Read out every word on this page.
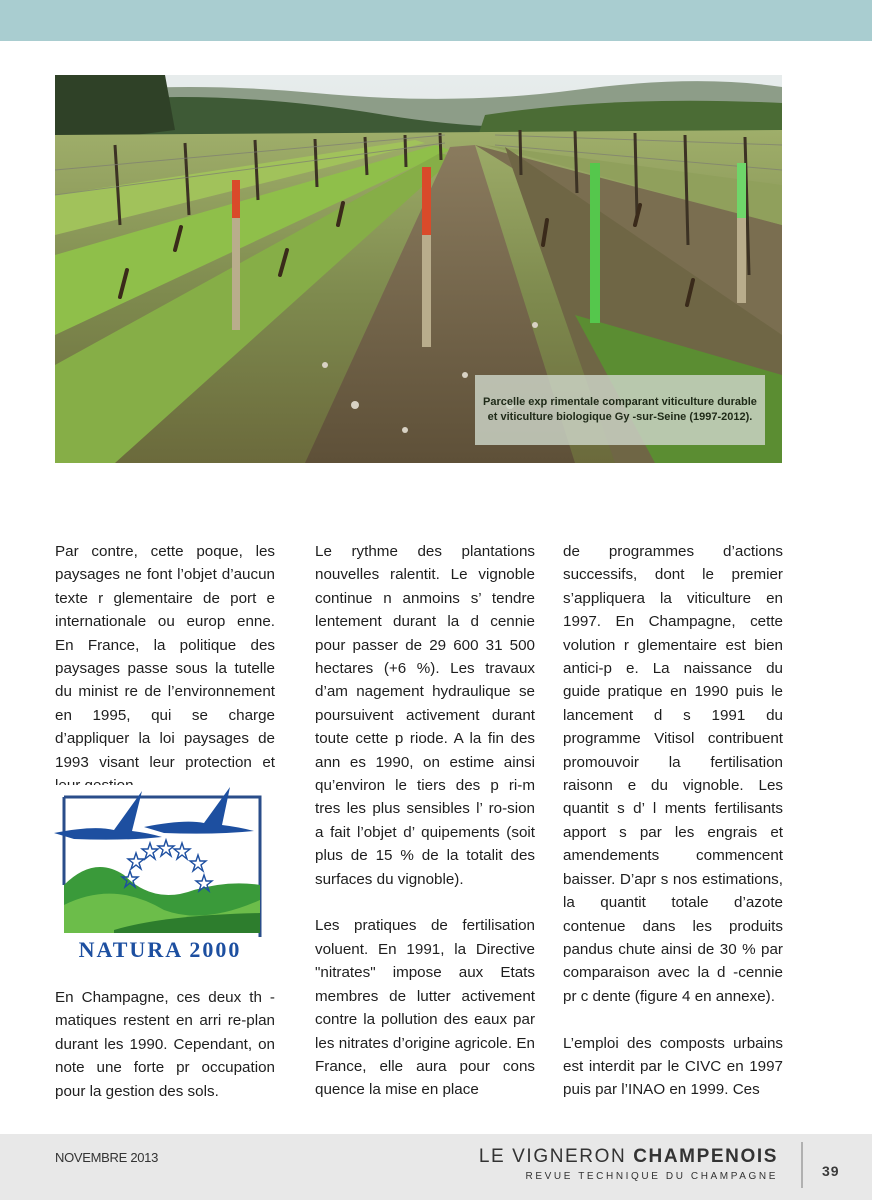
Parcelle exp rimentale comparant viticulture durable
et viticulture biologique Gy -sur-Seine (1997-2012).

Par contre, cette poque, les paysages ne font l’objet d’aucun texte r glementaire de port e internationale ou europ enne. En France, la politique des paysages passe sous la tutelle du minist re de l’environnement en 1995, qui se charge d’appliquer la loi paysages de 1993 visant leur protection et

En Champagne, ces deux th -matiques restent en arri re-plan durant les 1990. Cependant, on note une forte pr occupation pour la gestion des sols.

NATURA 2000

Le rythme des plantations nouvelles ralentit. Le vignoble continue n anmoins s’ tendre lentement durant la d cennie pour passer de 29 600 31 500 hectares (+6 %). Les travaux d’am nagement hydraulique se poursuivent activement durant toute cette p riode. A la fin des ann es 1990, on estime ainsi qu’environ le tiers des p ri-m tres les plus sensibles l’ ro-sion a fait l’objet d’ quipements (soit plus de 15 % de la totalit des surfaces du vignoble).

Les pratiques de fertilisation voluent. En 1991, la Directive "nitrates" impose aux Etats membres de lutter activement contre la pollution des eaux par les nitrates d’origine agricole. En France, elle aura pour cons quence la mise en place

de programmes d’actions successifs, dont le premier s’appliquera la viticulture en 1997. En Champagne, cette volution r glementaire est bien antici-p e. La naissance du guide pratique en 1990 puis le lancement d s 1991 du programme Vitisol contribuent promouvoir la fertilisation raisonn e du vignoble. Les quantit s d’ l ments fertilisants apport s par les engrais et amendements commencent baisser. D’apr s nos estimations, la quantit totale d’azote contenue dans les produits pandus chute ainsi de 30 % par comparaison avec la d -cennie pr c dente (figure 4 en annexe).

L’emploi des composts urbains est interdit par le CIVC en 1997 puis par l’INAO en 1999. Ces

NOVEMBRE 2013	LE VIGNERON CHAMPENOIS
REVUE TECHNIQUE DU CHAMPAGNE	39
